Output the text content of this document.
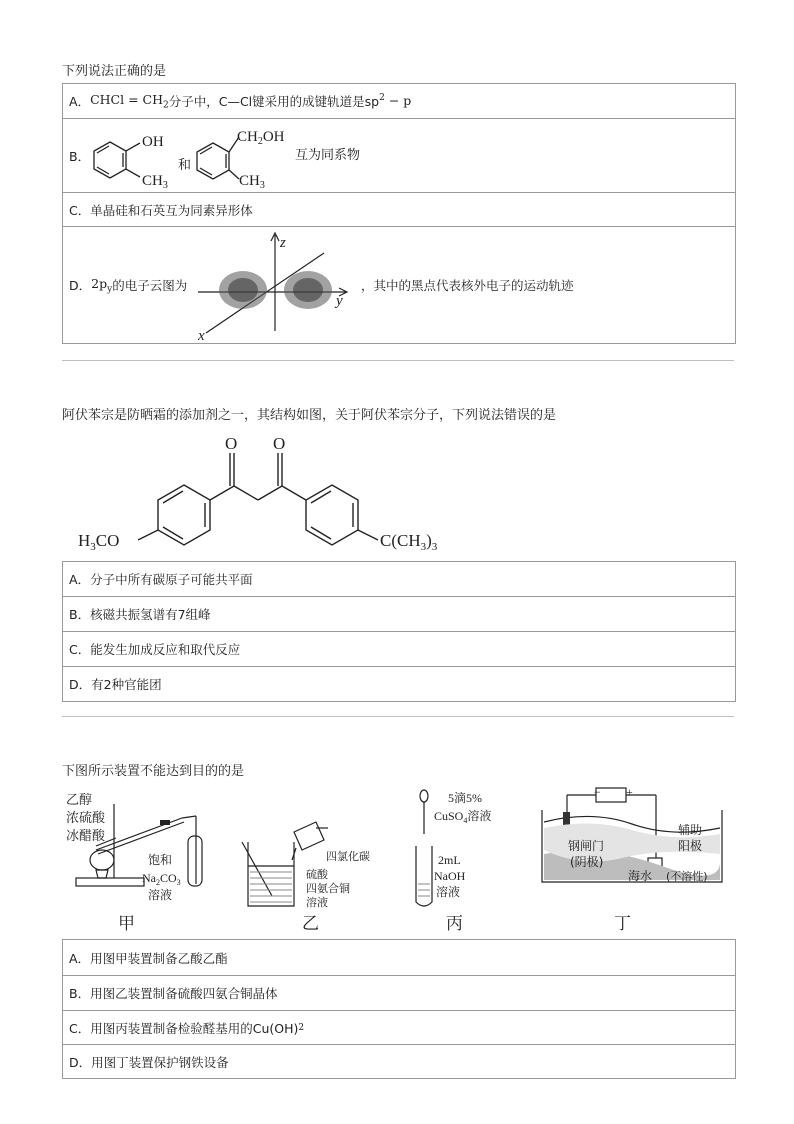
下列说法正确的是
A． CHCl = $CH_2$ 分子中，C—Cl键采用的成键轨道是sp $^2$ − p
B．
OH
$CH_3$
和
$CH_2OH$
$CH_3$
互为同系物
C． 单晶硅和石英互为同素异形体
D． $2p_y$ 的电子云图为
z
y
x
，其中的黑点代表核外电子的运动轨迹
阿伏苯宗是防晒霜的添加剂之一，其结构如图，关于阿伏苯宗分子，下列说法错误的是
O O
$H_3CO$	$C(CH_3)_3$
A． 分子中所有碳原子可能共平面
B． 核磁共振氢谱有7组峰
C． 能发生加成反应和取代反应
D． 有2种官能团
下图所示装置不能达到目的的是
乙醇
浓硫酸
冰醋酸
饱和
$Na_2CO_3$
溶液
甲
四氯化碳
硫酸
四氨合铜
溶液
乙
5滴5%
CuSO$_4$溶液
2mL
NaOH
溶液
丙
− +
钢闸门
(阴极)
辅助
阳极
海水 (不溶性)
丁
A． 用图甲装置制备乙酸乙酯
B． 用图乙装置制备硫酸四氨合铜晶体
C． 用图丙装置制备检验醛基用的Cu(OH) 2
D． 用图丁装置保护钢铁设备
